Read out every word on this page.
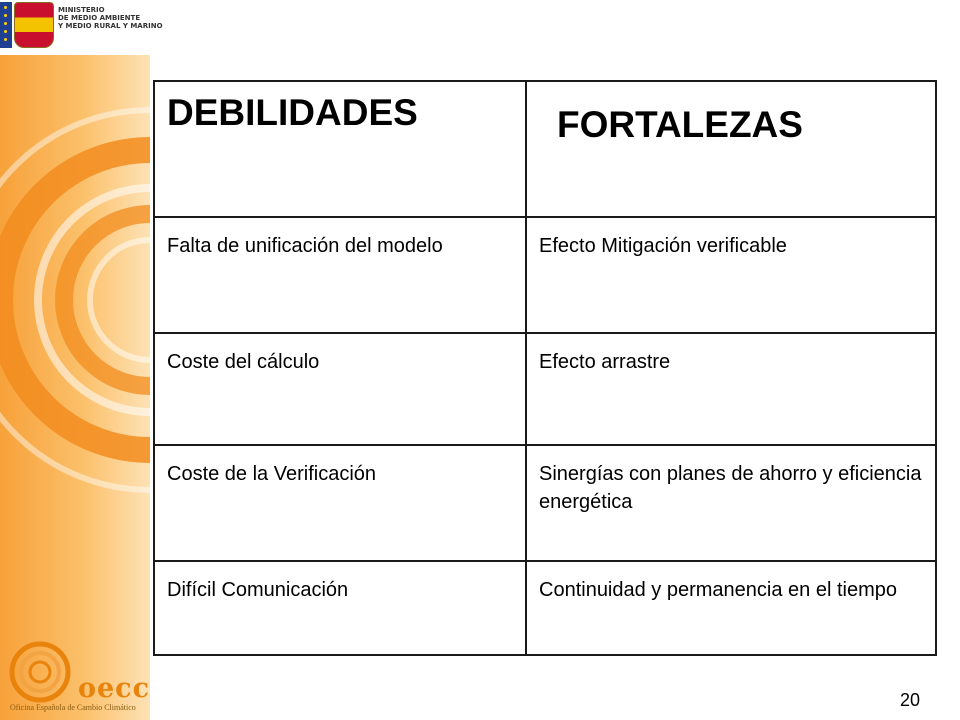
MINISTERIO
DE MEDIO AMBIENTE
Y MEDIO RURAL Y MARINO
oecc
Oficina Española de Cambio Climático
DEBILIDADES	FORTALEZAS
Falta de unificación del modelo	Efecto Mitigación verificable
Coste del cálculo	Efecto arrastre
Coste de la Verificación	Sinergías con planes de ahorro y eficiencia energética
Difícil Comunicación	Continuidad y permanencia en el tiempo
20
